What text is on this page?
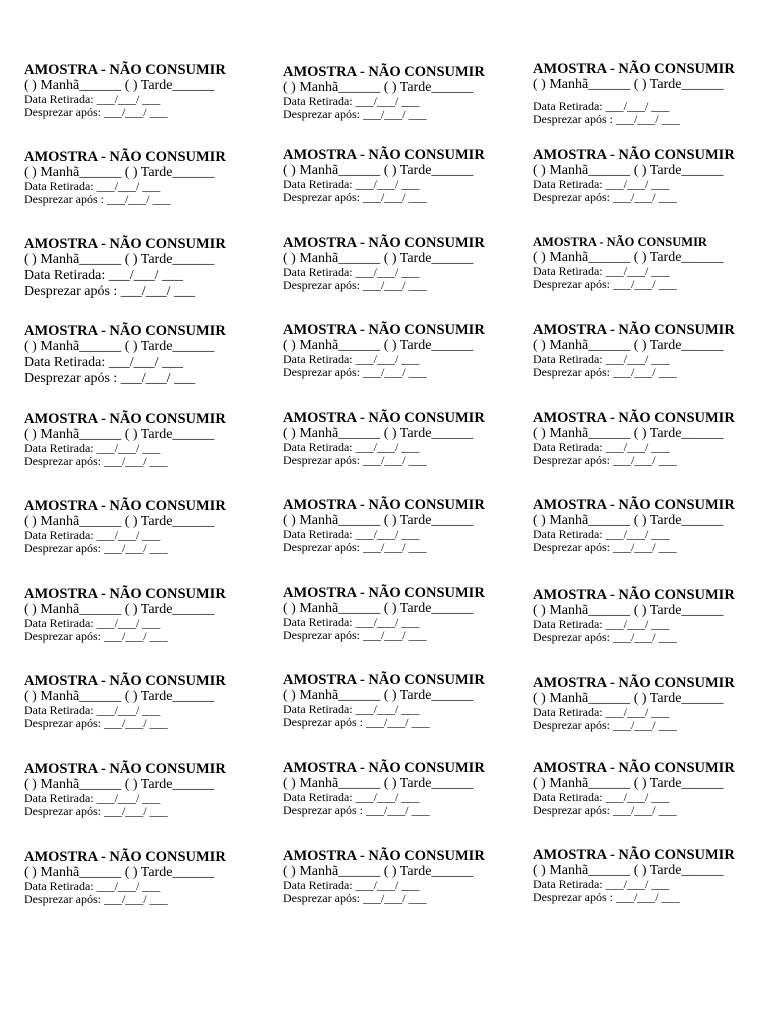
AMOSTRA - NÃO CONSUMIR
( ) Manhã______ ( ) Tarde______
Data Retirada: ___/___/ ___
Desprezar após: ___/___/ ___
AMOSTRA - NÃO CONSUMIR
( ) Manhã______ ( ) Tarde______
Data Retirada: ___/___/ ___
Desprezar após : ___/___/ ___
AMOSTRA - NÃO CONSUMIR
( ) Manhã______ ( ) Tarde______
Data Retirada: ___/___/ ___
Desprezar após : ___/___/ ___
AMOSTRA - NÃO CONSUMIR
( ) Manhã______ ( ) Tarde______
Data Retirada: ___/___/ ___
Desprezar após : ___/___/ ___
AMOSTRA - NÃO CONSUMIR
( ) Manhã______ ( ) Tarde______
Data Retirada: ___/___/ ___
Desprezar após: ___/___/ ___
AMOSTRA - NÃO CONSUMIR
( ) Manhã______ ( ) Tarde______
Data Retirada: ___/___/ ___
Desprezar após: ___/___/ ___
AMOSTRA - NÃO CONSUMIR
( ) Manhã______ ( ) Tarde______
Data Retirada: ___/___/ ___
Desprezar após: ___/___/ ___
AMOSTRA - NÃO CONSUMIR
( ) Manhã______ ( ) Tarde______
Data Retirada: ___/___/ ___
Desprezar após: ___/___/ ___
AMOSTRA - NÃO CONSUMIR
( ) Manhã______ ( ) Tarde______
Data Retirada: ___/___/ ___
Desprezar após: ___/___/ ___
AMOSTRA - NÃO CONSUMIR
( ) Manhã______ ( ) Tarde______
Data Retirada: ___/___/ ___
Desprezar após: ___/___/ ___
AMOSTRA - NÃO CONSUMIR
( ) Manhã______ ( ) Tarde______
Data Retirada: ___/___/ ___
Desprezar após: ___/___/ ___
AMOSTRA - NÃO CONSUMIR
( ) Manhã______ ( ) Tarde______
Data Retirada: ___/___/ ___
Desprezar após: ___/___/ ___
AMOSTRA - NÃO CONSUMIR
( ) Manhã______ ( ) Tarde______
Data Retirada: ___/___/ ___
Desprezar após: ___/___/ ___
AMOSTRA - NÃO CONSUMIR
( ) Manhã______ ( ) Tarde______
Data Retirada: ___/___/ ___
Desprezar após: ___/___/ ___
AMOSTRA - NÃO CONSUMIR
( ) Manhã______ ( ) Tarde______
Data Retirada: ___/___/ ___
Desprezar após: ___/___/ ___
AMOSTRA - NÃO CONSUMIR
( ) Manhã______ ( ) Tarde______
Data Retirada: ___/___/ ___
Desprezar após: ___/___/ ___
AMOSTRA - NÃO CONSUMIR
( ) Manhã______ ( ) Tarde______
Data Retirada: ___/___/ ___
Desprezar após: ___/___/ ___
AMOSTRA - NÃO CONSUMIR
( ) Manhã______ ( ) Tarde______
Data Retirada: ___/___/ ___
Desprezar após : ___/___/ ___
AMOSTRA - NÃO CONSUMIR
( ) Manhã______ ( ) Tarde______
Data Retirada: ___/___/ ___
Desprezar após : ___/___/ ___
AMOSTRA - NÃO CONSUMIR
( ) Manhã______ ( ) Tarde______
Data Retirada: ___/___/ ___
Desprezar após: ___/___/ ___
AMOSTRA - NÃO CONSUMIR
( ) Manhã______ ( ) Tarde______
Data Retirada: ___/___/ ___
Desprezar após : ___/___/ ___
AMOSTRA - NÃO CONSUMIR
( ) Manhã______ ( ) Tarde______
Data Retirada: ___/___/ ___
Desprezar após: ___/___/ ___
AMOSTRA - NÃO CONSUMIR
( ) Manhã______ ( ) Tarde______
Data Retirada: ___/___/ ___
Desprezar após: ___/___/ ___
AMOSTRA - NÃO CONSUMIR
( ) Manhã______ ( ) Tarde______
Data Retirada: ___/___/ ___
Desprezar após: ___/___/ ___
AMOSTRA - NÃO CONSUMIR
( ) Manhã______ ( ) Tarde______
Data Retirada: ___/___/ ___
Desprezar após: ___/___/ ___
AMOSTRA - NÃO CONSUMIR
( ) Manhã______ ( ) Tarde______
Data Retirada: ___/___/ ___
Desprezar após: ___/___/ ___
AMOSTRA - NÃO CONSUMIR
( ) Manhã______ ( ) Tarde______
Data Retirada: ___/___/ ___
Desprezar após: ___/___/ ___
AMOSTRA - NÃO CONSUMIR
( ) Manhã______ ( ) Tarde______
Data Retirada: ___/___/ ___
Desprezar após: ___/___/ ___
AMOSTRA - NÃO CONSUMIR
( ) Manhã______ ( ) Tarde______
Data Retirada: ___/___/ ___
Desprezar após: ___/___/ ___
AMOSTRA - NÃO CONSUMIR
( ) Manhã______ ( ) Tarde______
Data Retirada: ___/___/ ___
Desprezar após : ___/___/ ___
